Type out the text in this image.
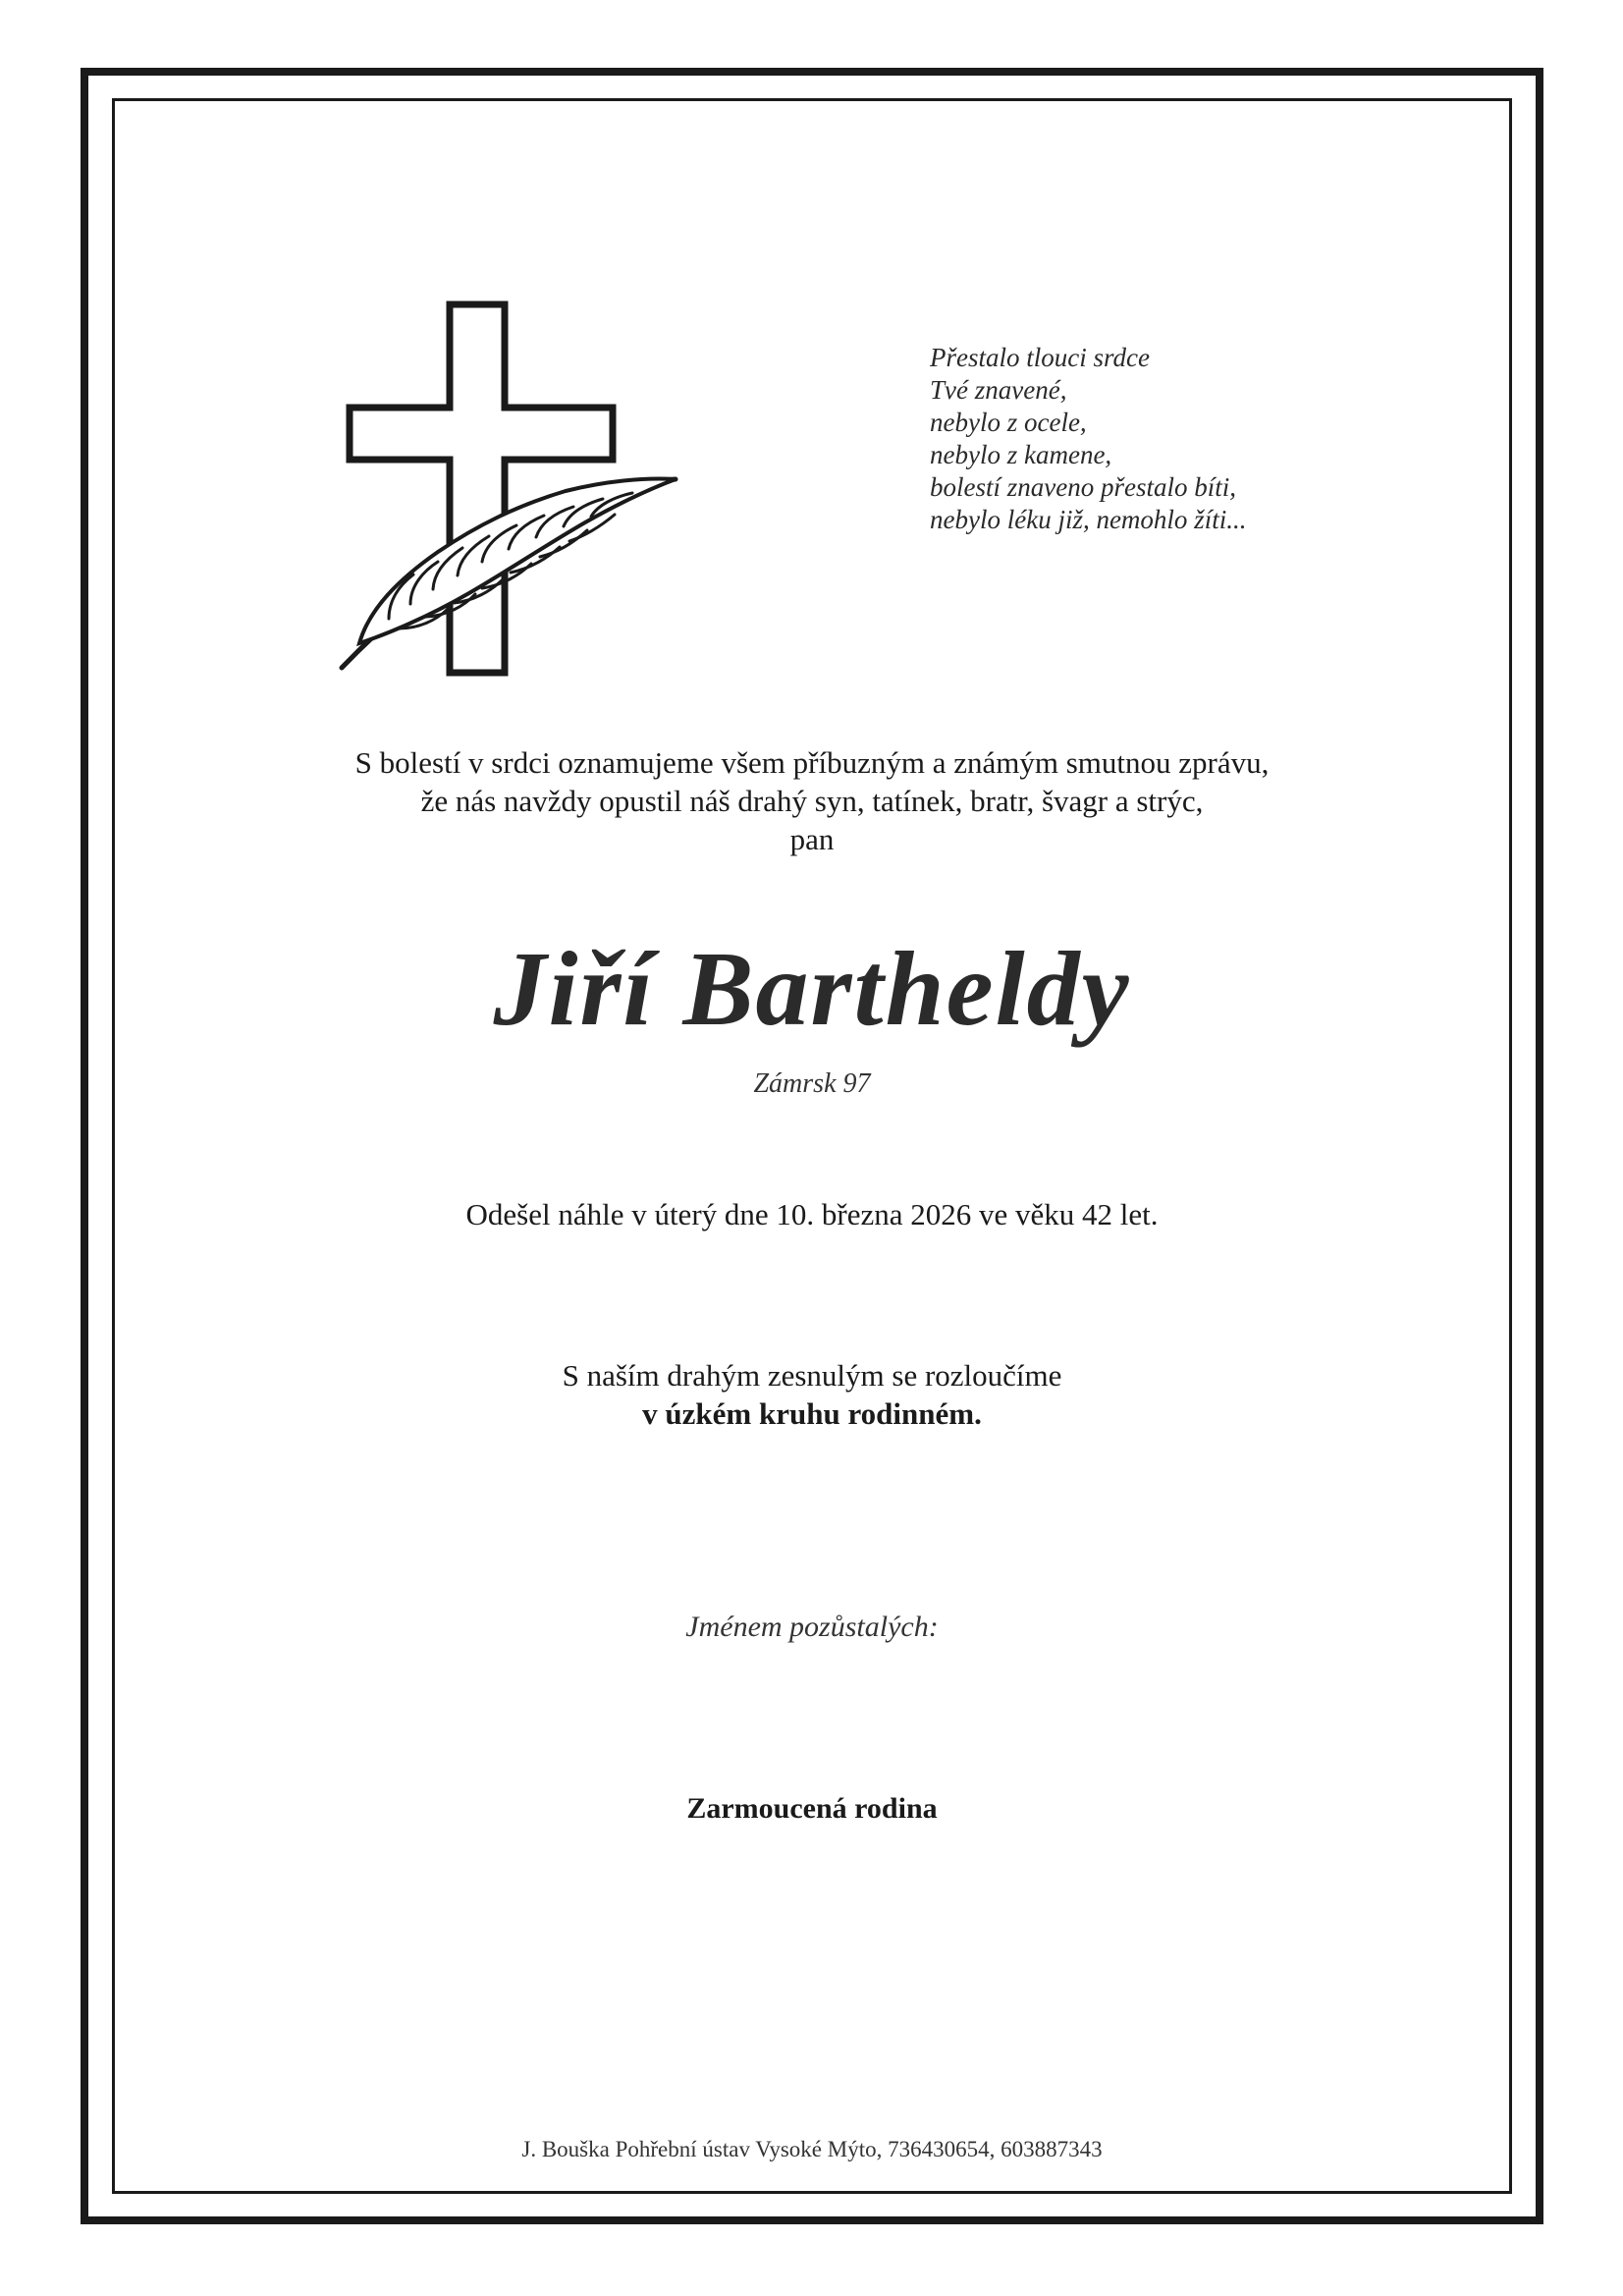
Přestalo tlouci srdce
Tvé znavené,
nebylo z ocele,
nebylo z kamene,
bolestí znaveno přestalo bíti,
nebylo léku již, nemohlo žíti...
S bolestí v srdci oznamujeme všem příbuzným a známým smutnou zprávu,
že nás navždy opustil náš drahý syn, tatínek, bratr, švagr a strýc,
pan
Jiří Bartheldy
Zámrsk 97
Odešel náhle v úterý dne 10. března 2026 ve věku 42 let.
S naším drahým zesnulým se rozloučíme
v úzkém kruhu rodinném.
Jménem pozůstalých:
Zarmoucená rodina
J. Bouška Pohřební ústav Vysoké Mýto, 736430654, 603887343
